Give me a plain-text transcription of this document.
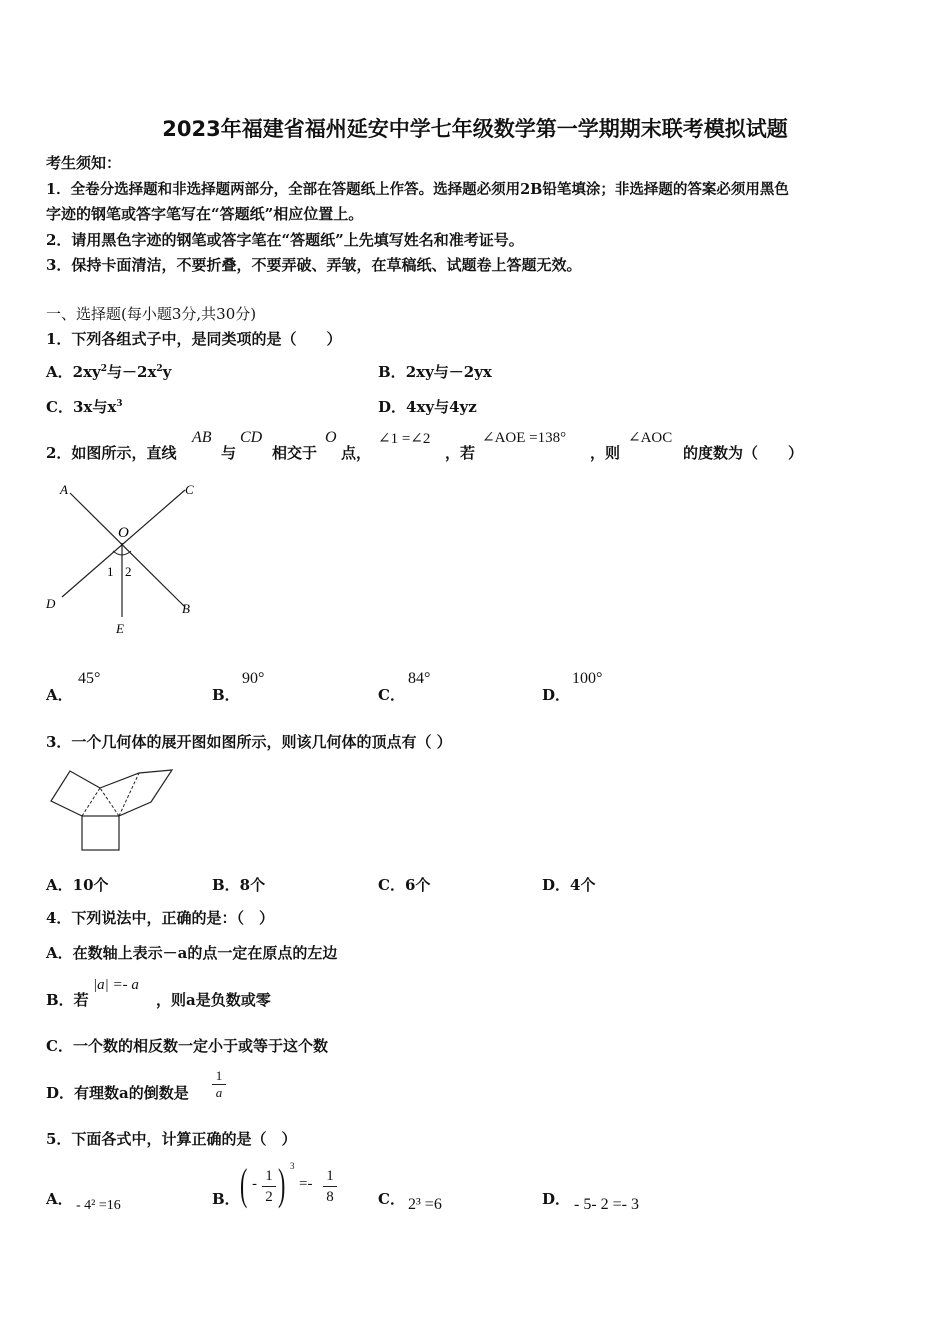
2023年福建省福州延安中学七年级数学第一学期期末联考模拟试题
考生须知：
1．全卷分选择题和非选择题两部分，全部在答题纸上作答。选择题必须用2B铅笔填涂；非选择题的答案必须用黑色
字迹的钢笔或答字笔写在“答题纸”相应位置上。
2．请用黑色字迹的钢笔或答字笔在“答题纸”上先填写姓名和准考证号。
3．保持卡面清洁，不要折叠，不要弄破、弄皱，在草稿纸、试题卷上答题无效。
一、选择题(每小题3分,共30分)
1．下列各组式子中，是同类项的是（　　）
A．$2xy^2$与$-2x^2y$	B．2xy与－2yx
C．3x与$x^3$	D．4xy与4yz
2．如图所示，直线
AB
与
CD
相交于
O
点，
∠1 =∠2
，若
∠AOE =138°
，则
∠AOC
的度数为（　　）
A	C
O
D	B
E
1 2
A．
45°
B．
90°
C．
84°
D．
100°
3．一个几何体的展开图如图所示，则该几何体的顶点有（ ）
A．10个	B．8个	C．6个	D．4个
4．下列说法中，正确的是：（　）
A．在数轴上表示－a的点一定在原点的左边
B．若
|a| =- a
，则a是负数或零
C．一个数的相反数一定小于或等于这个数
D．有理数a的倒数是 $\frac{1}{a}$
5．下面各式中，计算正确的是（　）
A． - 4² =16	B． ( - $\frac{1}{2}$ ) 3
=- $\frac{1}{8}$	C． 2³ =6	D． - 5- 2 =- 3
